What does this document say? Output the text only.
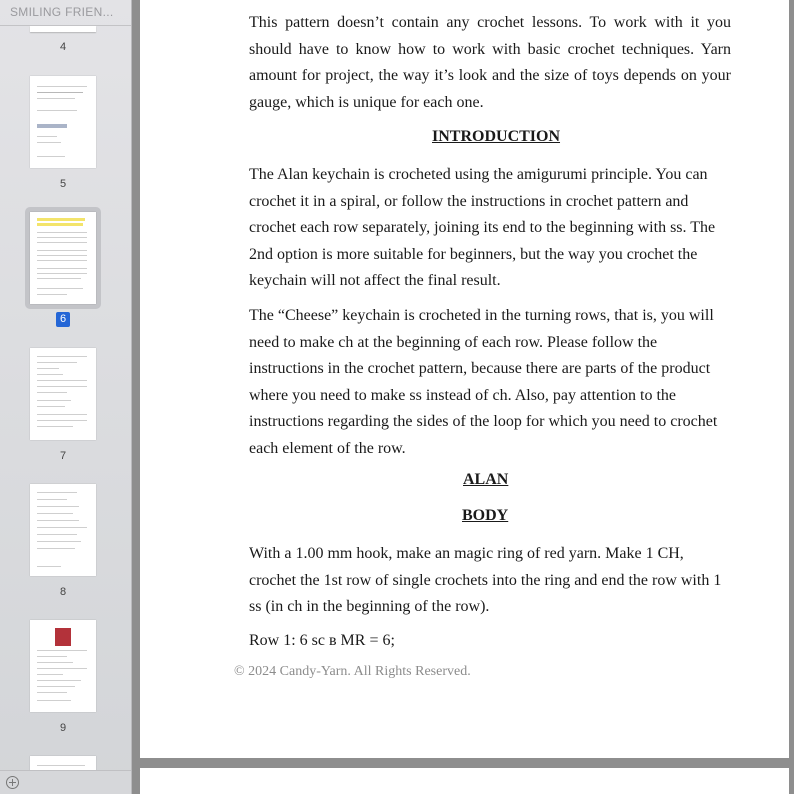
SMILING FRIEN...
4
5
6
7
8
9

This pattern doesn’t contain any crochet lessons. To work with it you should have to know how to work with basic crochet techniques. Yarn amount for project, the way it’s look and the size of toys depends on your gauge, which is unique for each one.

INTRODUCTION

The Alan keychain is crocheted using the amigurumi principle. You can crochet it in a spiral, or follow the instructions in crochet pattern and crochet each row separately, joining its end to the beginning with ss. The 2nd option is more suitable for beginners, but the way you crochet the keychain will not affect the final result.

The “Cheese” keychain is crocheted in the turning rows, that is, you will need to make ch at the beginning of each row. Please follow the instructions in the crochet pattern, because there are parts of the product where you need to make ss instead of ch. Also, pay attention to the instructions regarding the sides of the loop for which you need to crochet each element of the row.

ALAN
BODY

With a 1.00 mm hook, make an magic ring of red yarn. Make 1 CH, crochet the 1st row of single crochets into the ring and end the row with 1 ss (in ch in the beginning of the row).

Row 1: 6 sc в MR = 6;

© 2024 Candy-Yarn. All Rights Reserved.
